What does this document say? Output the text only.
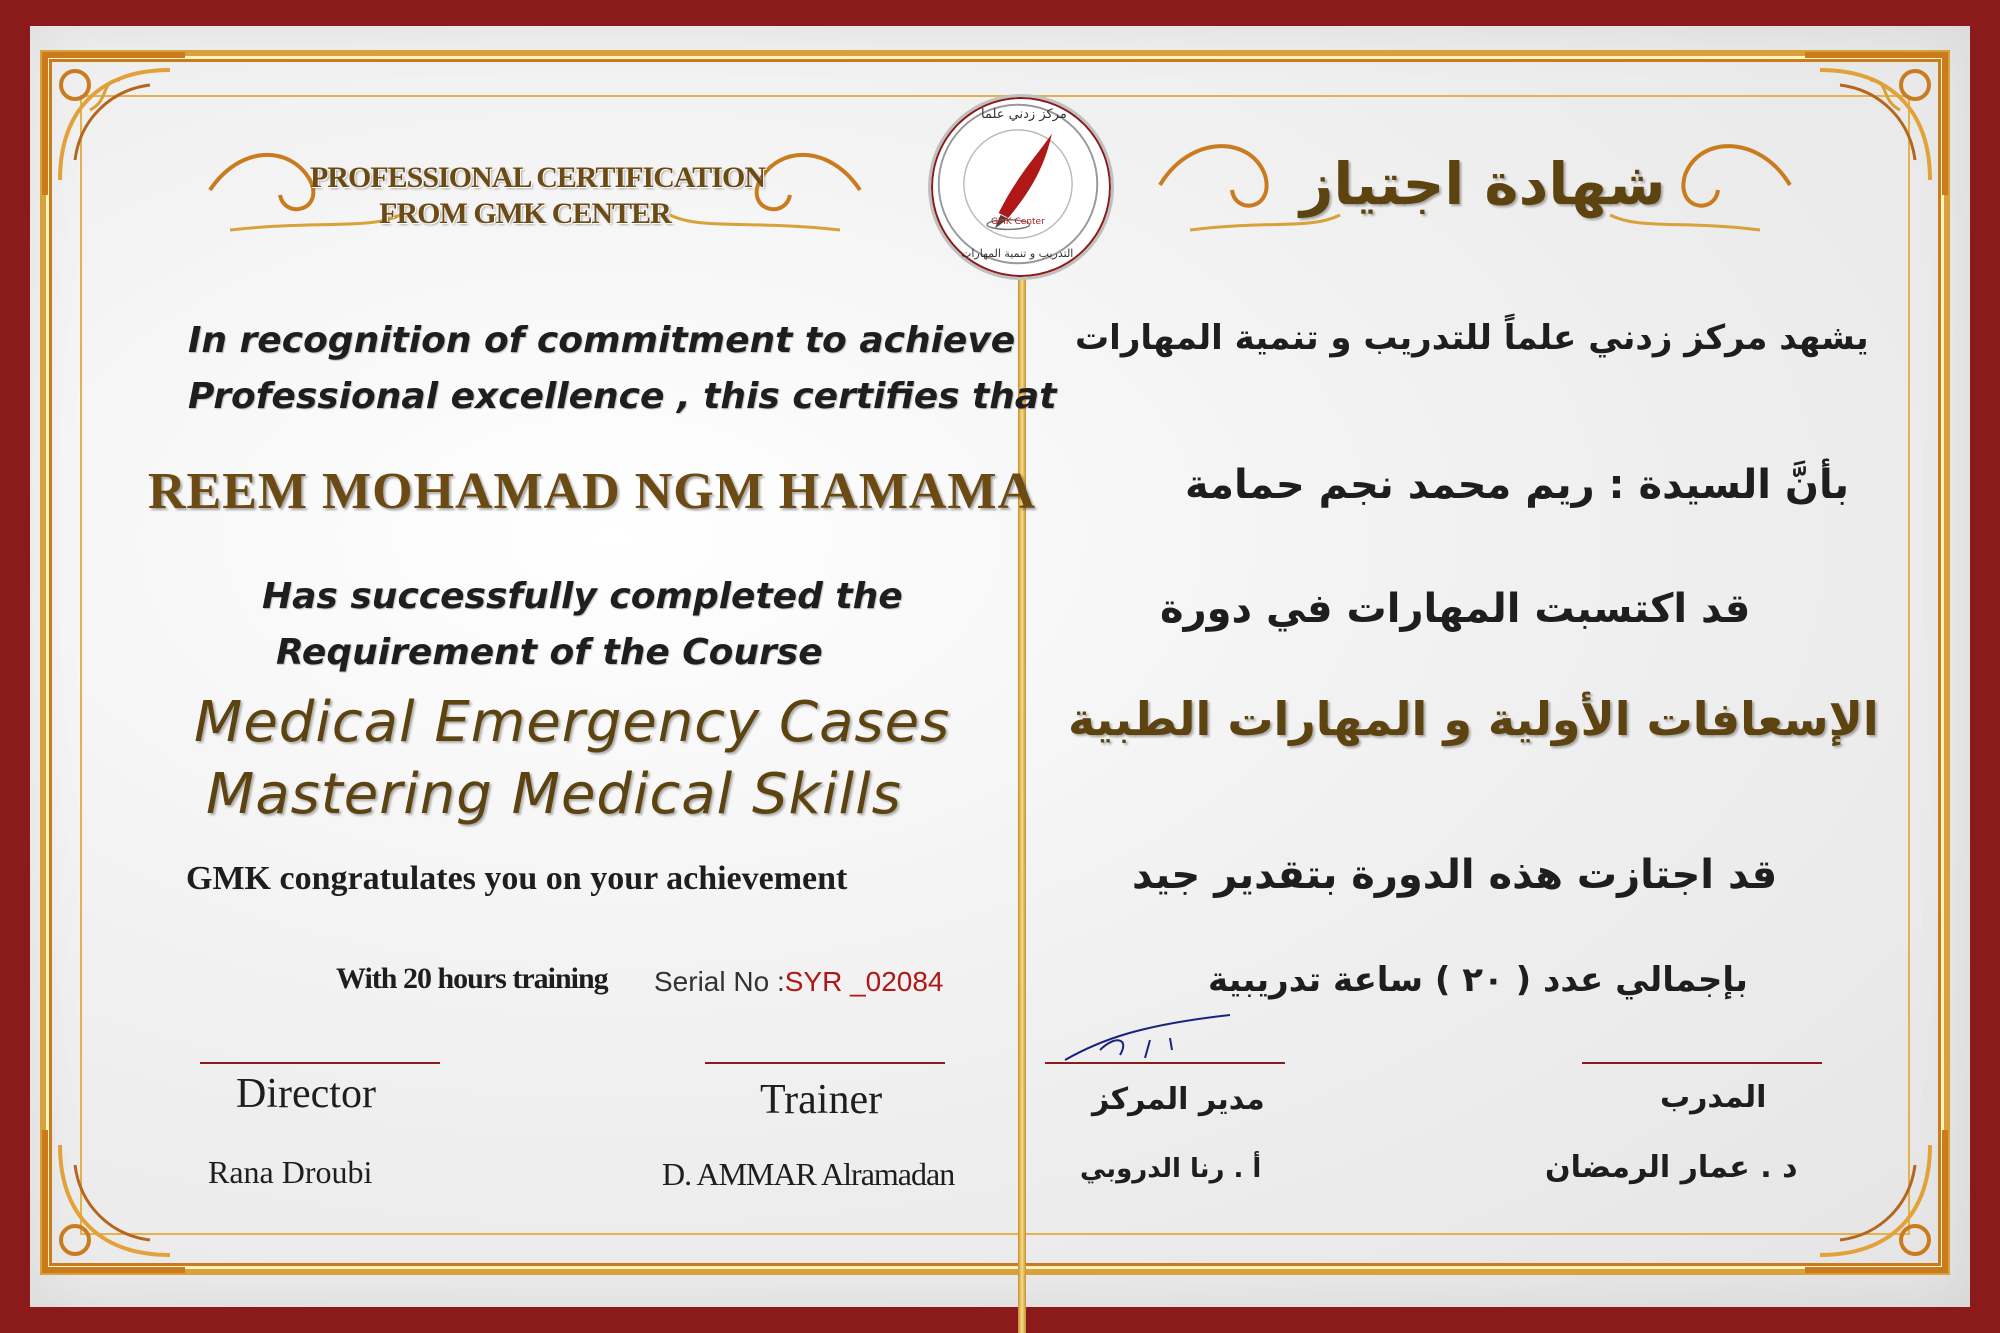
PROFESSIONAL CERTIFICATION
FROM GMK CENTER
In recognition of commitment to achieve
Professional excellence , this certifies that
REEM MOHAMAD NGM HAMAMA
Has successfully completed the
Requirement of the Course
Medical Emergency Cases
Mastering Medical Skills
GMK congratulates you on your achievement
With 20 hours training Serial No :SYR _02084
Director
Rana Droubi
Trainer
D. AMMAR Alramadan
مركز زدني علما
التدريب و تنمية المهارات
GMK Center
شهادة اجتياز
يشهد مركز زدني علماً للتدريب و تنمية المهارات
بأنَّ السيدة : ريم محمد نجم حمامة
قد اكتسبت المهارات في دورة
الإسعافات الأولية و المهارات الطبية
قد اجتازت هذه الدورة بتقدير جيد
بإجمالي عدد ( ٢٠ ) ساعة تدريبية
مدير المركز
أ . رنا الدروبي
المدرب
د . عمار الرمضان
